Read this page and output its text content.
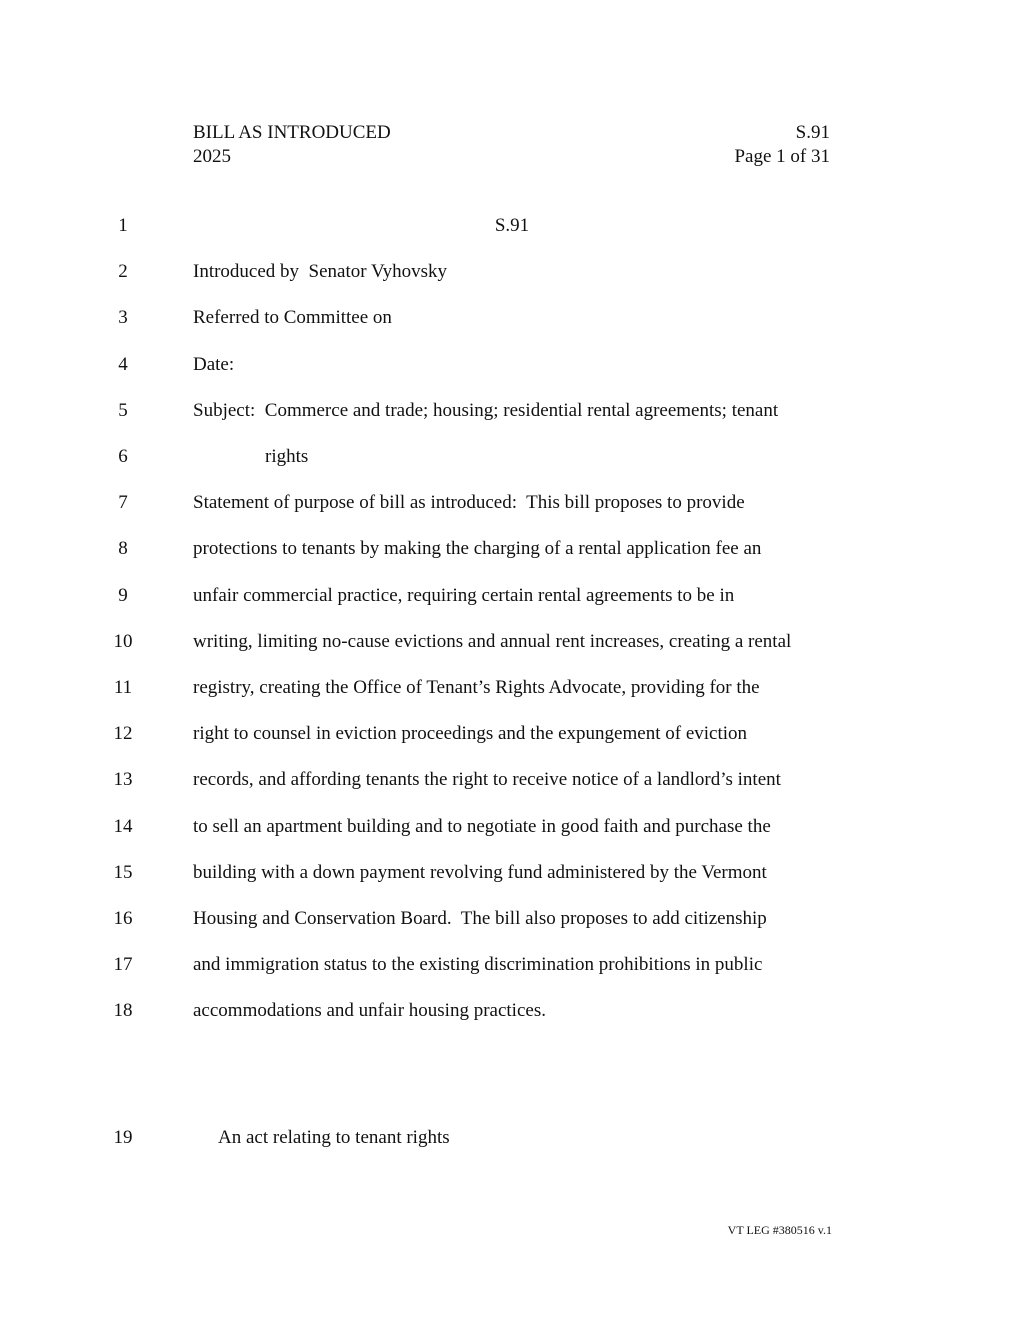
BILL AS INTRODUCED
2025
S.91
Page 1 of 31
1	S.91
2	Introduced by  Senator Vyhovsky
3	Referred to Committee on
4	Date:
5	Subject:  Commerce and trade; housing; residential rental agreements; tenant
6	rights
7	Statement of purpose of bill as introduced:  This bill proposes to provide
8	protections to tenants by making the charging of a rental application fee an
9	unfair commercial practice, requiring certain rental agreements to be in
10	writing, limiting no-cause evictions and annual rent increases, creating a rental
11	registry, creating the Office of Tenant’s Rights Advocate, providing for the
12	right to counsel in eviction proceedings and the expungement of eviction
13	records, and affording tenants the right to receive notice of a landlord’s intent
14	to sell an apartment building and to negotiate in good faith and purchase the
15	building with a down payment revolving fund administered by the Vermont
16	Housing and Conservation Board.  The bill also proposes to add citizenship
17	and immigration status to the existing discrimination prohibitions in public
18	accommodations and unfair housing practices.
19	An act relating to tenant rights
VT LEG #380516 v.1
